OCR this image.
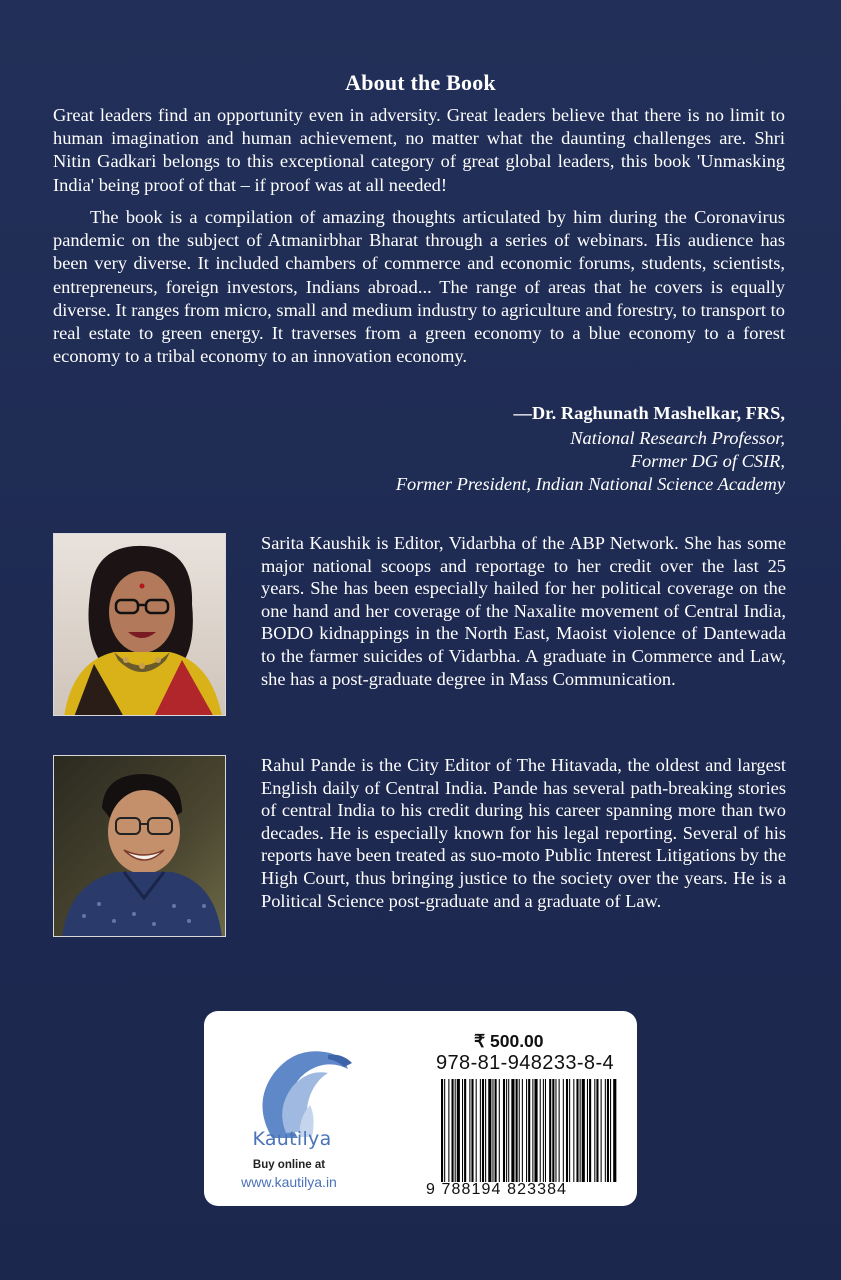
About the Book

Great leaders find an opportunity even in adversity. Great leaders believe that there is no limit to human imagination and human achievement, no matter what the daunting challenges are. Shri Nitin Gadkari belongs to this exceptional category of great global leaders, this book 'Unmasking India' being proof of that – if proof was at all needed!

The book is a compilation of amazing thoughts articulated by him during the Coronavirus pandemic on the subject of Atmanirbhar Bharat through a series of webinars. His audience has been very diverse. It included chambers of commerce and economic forums, students, scientists, entrepreneurs, foreign investors, Indians abroad... The range of areas that he covers is equally diverse. It ranges from micro, small and medium industry to agriculture and forestry, to transport to real estate to green energy. It traverses from a green economy to a blue economy to a forest economy to a tribal economy to an innovation economy.

—Dr. Raghunath Mashelkar, FRS,
National Research Professor,
Former DG of CSIR,
Former President, Indian National Science Academy

Sarita Kaushik is Editor, Vidarbha of the ABP Network. She has some major national scoops and reportage to her credit over the last 25 years. She has been especially hailed for her political coverage on the one hand and her coverage of the Naxalite movement of Central India, BODO kidnappings in the North East, Maoist violence of Dantewada to the farmer suicides of Vidarbha. A graduate in Commerce and Law, she has a post-graduate degree in Mass Communication.

Rahul Pande is the City Editor of The Hitavada, the oldest and largest English daily of Central India. Pande has several path-breaking stories of central India to his credit during his career spanning more than two decades. He is especially known for his legal reporting. Several of his reports have been treated as suo-moto Public Interest Litigations by the High Court, thus bringing justice to the society over the years. He is a Political Science post-graduate and a graduate of Law.

Kautilya
Buy online at
www.kautilya.in
₹ 500.00
978-81-948233-8-4
9 788194 823384
